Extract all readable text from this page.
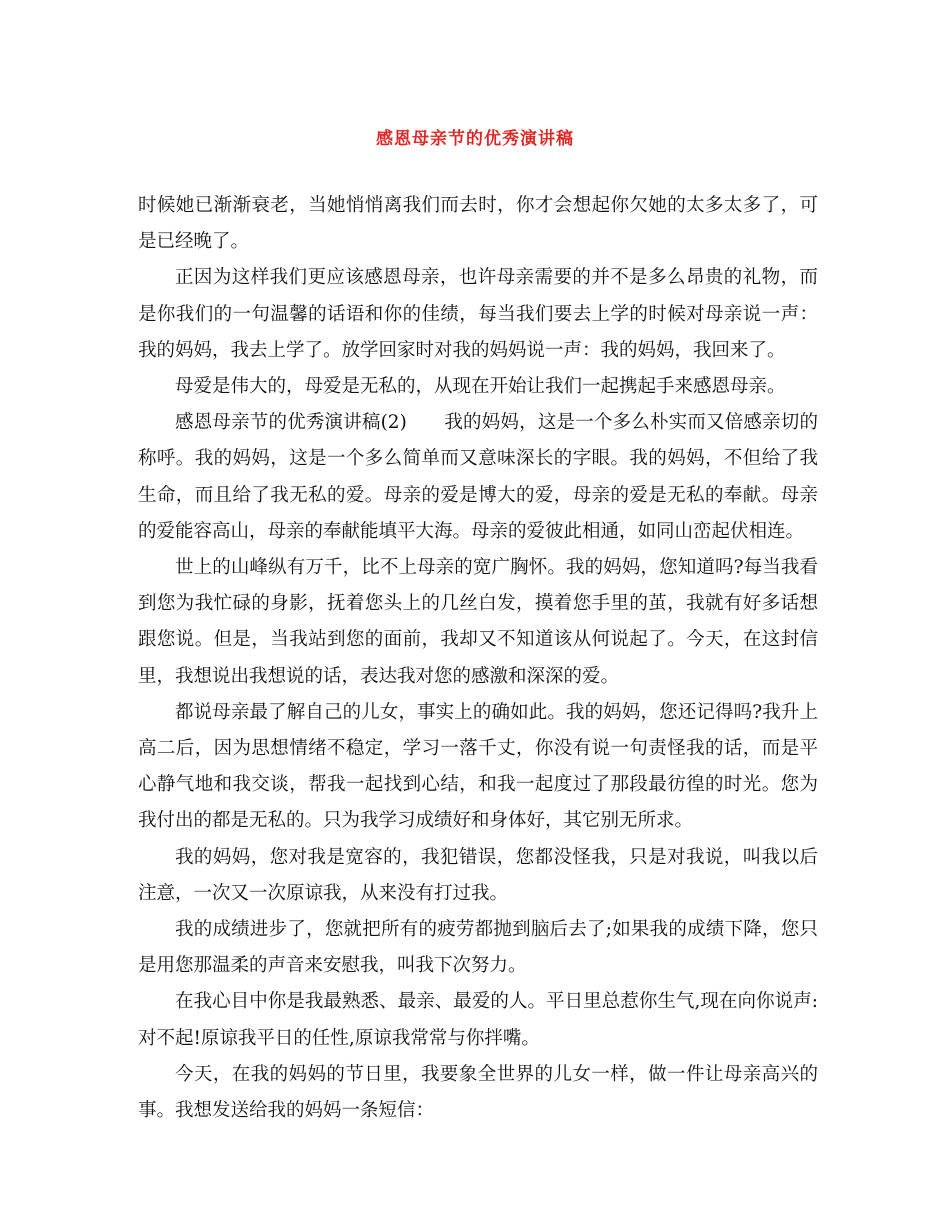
感恩母亲节的优秀演讲稿

时候她已渐渐衰老，当她悄悄离我们而去时，你才会想起你欠她的太多太多了，可是已经晚了。

正因为这样我们更应该感恩母亲，也许母亲需要的并不是多么昂贵的礼物，而是你我们的一句温馨的话语和你的佳绩，每当我们要去上学的时候对母亲说一声：我的妈妈，我去上学了。放学回家时对我的妈妈说一声：我的妈妈，我回来了。

母爱是伟大的，母爱是无私的，从现在开始让我们一起携起手来感恩母亲。

感恩母亲节的优秀演讲稿(2)　　我的妈妈，这是一个多么朴实而又倍感亲切的称呼。我的妈妈，这是一个多么简单而又意味深长的字眼。我的妈妈，不但给了我生命，而且给了我无私的爱。母亲的爱是博大的爱，母亲的爱是无私的奉献。母亲的爱能容高山，母亲的奉献能填平大海。母亲的爱彼此相通，如同山峦起伏相连。

世上的山峰纵有万千，比不上母亲的宽广胸怀。我的妈妈，您知道吗?每当我看到您为我忙碌的身影，抚着您头上的几丝白发，摸着您手里的茧，我就有好多话想跟您说。但是，当我站到您的面前，我却又不知道该从何说起了。今天，在这封信里，我想说出我想说的话，表达我对您的感激和深深的爱。

都说母亲最了解自己的儿女，事实上的确如此。我的妈妈，您还记得吗?我升上高二后，因为思想情绪不稳定，学习一落千丈，你没有说一句责怪我的话，而是平心静气地和我交谈，帮我一起找到心结，和我一起度过了那段最彷徨的时光。您为我付出的都是无私的。只为我学习成绩好和身体好，其它别无所求。

我的妈妈，您对我是宽容的，我犯错误，您都没怪我，只是对我说，叫我以后注意，一次又一次原谅我，从来没有打过我。

我的成绩进步了，您就把所有的疲劳都抛到脑后去了;如果我的成绩下降，您只是用您那温柔的声音来安慰我，叫我下次努力。

在我心目中你是我最熟悉、最亲、最爱的人。平日里总惹你生气,现在向你说声:对不起!原谅我平日的任性,原谅我常常与你拌嘴。

今天，在我的妈妈的节日里，我要象全世界的儿女一样，做一件让母亲高兴的事。我想发送给我的妈妈一条短信：
